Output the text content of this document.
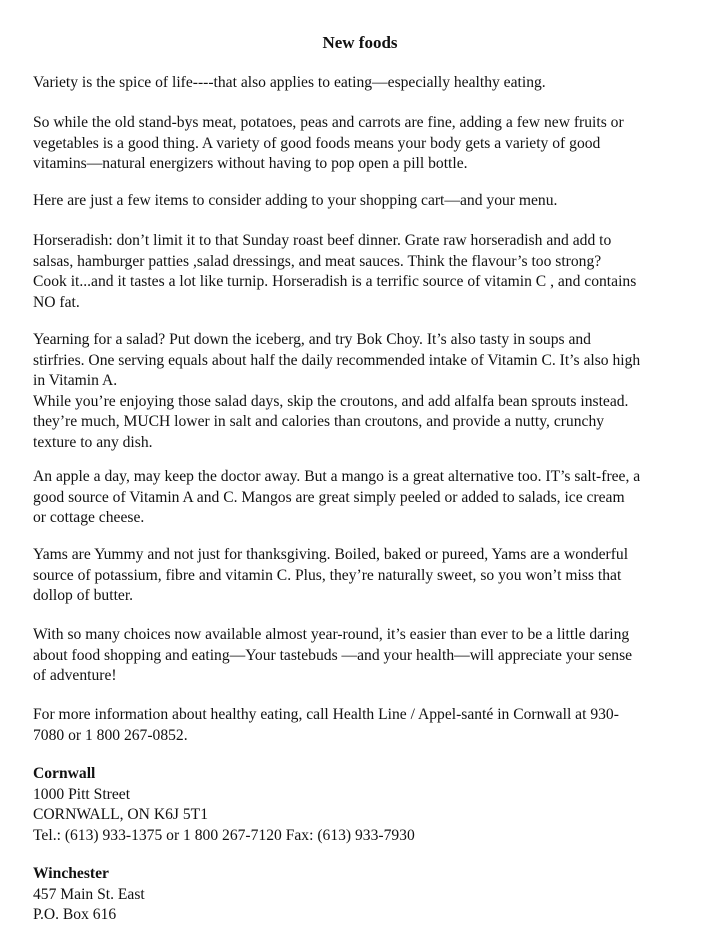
New foods

Variety is the spice of life----that also applies to eating—especially healthy eating.

So while the old stand-bys meat, potatoes, peas and carrots are fine, adding a few new fruits or
vegetables is a good thing. A variety of good foods means your body gets a variety of good
vitamins—natural energizers without having to pop open a pill bottle.

Here are just a few items to consider adding to your shopping cart—and your menu.

Horseradish: don’t limit it to that Sunday roast beef dinner. Grate raw horseradish and add to
salsas, hamburger patties ,salad dressings, and meat sauces. Think the flavour’s too strong?
Cook it...and it tastes a lot like turnip. Horseradish is a terrific source of vitamin C , and contains
NO fat.

Yearning for a salad? Put down the iceberg, and try Bok Choy. It’s also tasty in soups and
stirfries. One serving equals about half the daily recommended intake of Vitamin C. It’s also high
in Vitamin A.
While you’re enjoying those salad days, skip the croutons, and add alfalfa bean sprouts instead.
they’re much, MUCH lower in salt and calories than croutons, and provide a nutty, crunchy
texture to any dish.

An apple a day, may keep the doctor away. But a mango is a great alternative too. IT’s salt-free, a
good source of Vitamin A and C. Mangos are great simply peeled or added to salads, ice cream
or cottage cheese.

Yams are Yummy and not just for thanksgiving. Boiled, baked or pureed, Yams are a wonderful
source of potassium, fibre and vitamin C. Plus, they’re naturally sweet, so you won’t miss that
dollop of butter.

With so many choices now available almost year-round, it’s easier than ever to be a little daring
about food shopping and eating—Your tastebuds —and your health—will appreciate your sense
of adventure!

For more information about healthy eating, call Health Line / Appel-santé in Cornwall at 930-
7080 or 1 800 267-0852.

Cornwall
1000 Pitt Street
CORNWALL, ON K6J 5T1
Tel.: (613) 933-1375 or 1 800 267-7120 Fax: (613) 933-7930
Winchester
457 Main St. East
P.O. Box 616
